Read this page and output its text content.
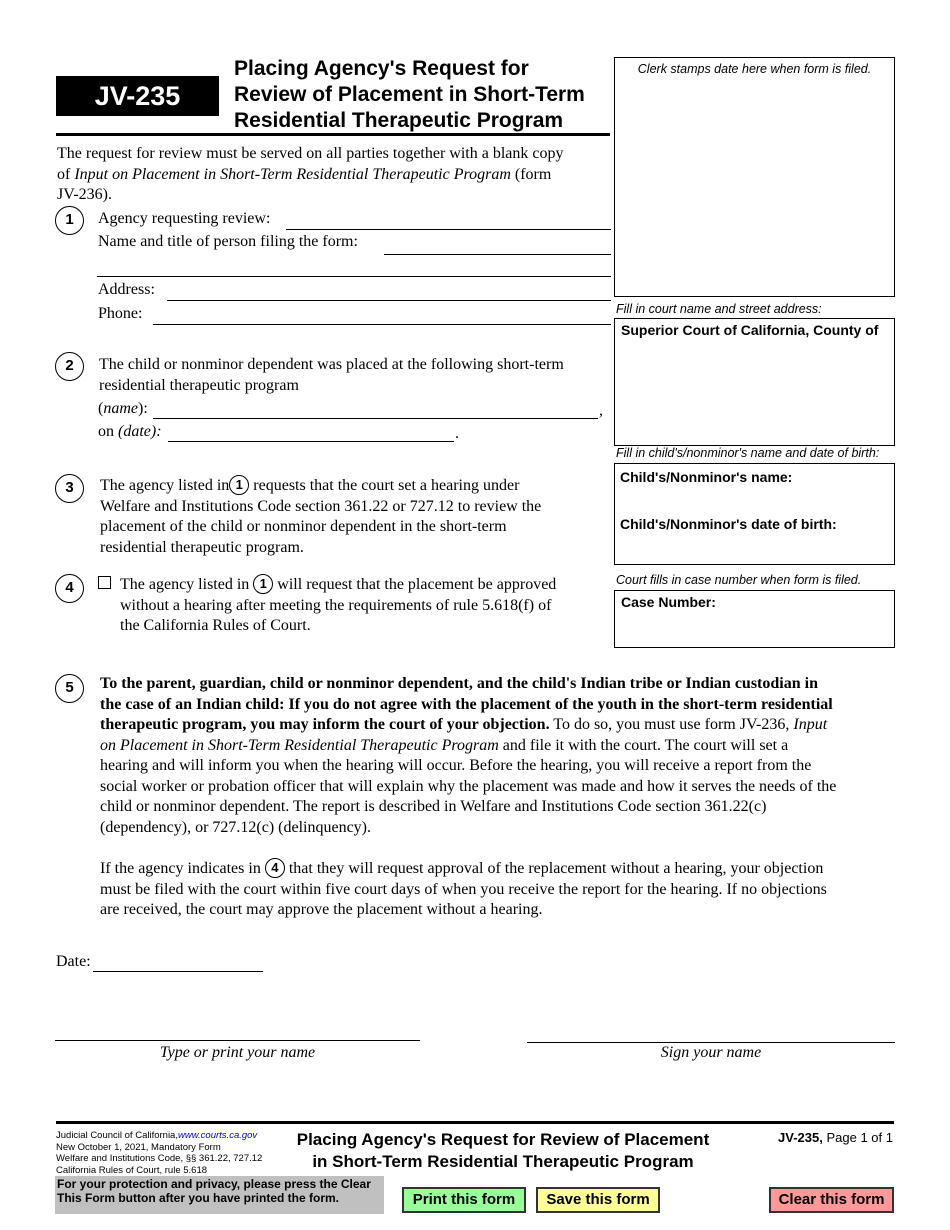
JV-235
Placing Agency's Request for
Review of Placement in Short-Term
Residential Therapeutic Program
Clerk stamps date here when form is filed.
Fill in court name and street address:
Superior Court of California, County of
Fill in child's/nonminor's name and date of birth:
Child's/Nonminor's name:
Child's/Nonminor's date of birth:
Court fills in case number when form is filed.
Case Number:
The request for review must be served on all parties together with a blank copy
of Input on Placement in Short-Term Residential Therapeutic Program (form
JV-236).
1	Agency requesting review:
Name and title of person filing the form:
Address:
Phone:
2	The child or nonminor dependent was placed at the following short-term
residential therapeutic program
(name):	,
on (date):	.
3	The agency listed in 1 requests that the court set a hearing under
Welfare and Institutions Code section 361.22 or 727.12 to review the
placement of the child or nonminor dependent in the short-term
residential therapeutic program.
4	The agency listed in 1 will request that the placement be approved
without a hearing after meeting the requirements of rule 5.618(f) of
the California Rules of Court.
5	To the parent, guardian, child or nonminor dependent, and the child's Indian tribe or Indian custodian in
the case of an Indian child: If you do not agree with the placement of the youth in the short-term residential
therapeutic program, you may inform the court of your objection. To do so, you must use form JV-236, Input
on Placement in Short-Term Residential Therapeutic Program and file it with the court. The court will set a
hearing and will inform you when the hearing will occur. Before the hearing, you will receive a report from the
social worker or probation officer that will explain why the placement was made and how it serves the needs of the
child or nonminor dependent. The report is described in Welfare and Institutions Code section 361.22(c)
(dependency), or 727.12(c) (delinquency).
If the agency indicates in 4 that they will request approval of the replacement without a hearing, your objection
must be filed with the court within five court days of when you receive the report for the hearing. If no objections
are received, the court may approve the placement without a hearing.
Date:
Type or print your name	Sign your name
Judicial Council of California,www.courts.ca.gov
New October 1, 2021, Mandatory Form
Welfare and Institutions Code, §§ 361.22, 727.12
California Rules of Court, rule 5.618
Placing Agency's Request for Review of Placement
in Short-Term Residential Therapeutic Program
JV-235, Page 1 of 1
For your protection and privacy, please press the Clear
This Form button after you have printed the form.	Print this form	Save this form	Clear this form
